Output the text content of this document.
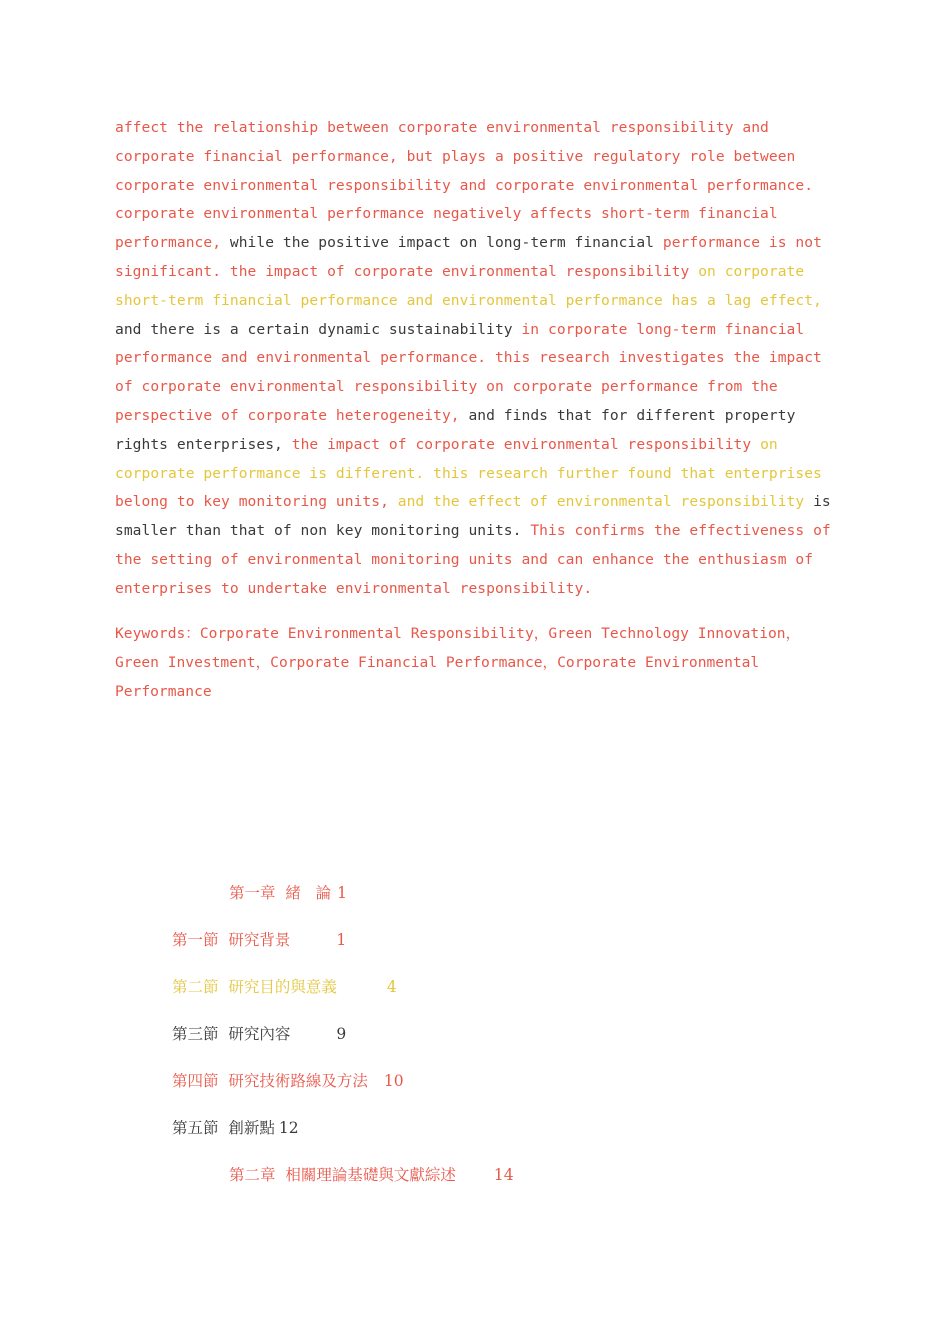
affect the relationship between corporate environmental responsibility and corporate financial performance, but plays a positive regulatory role between corporate environmental responsibility and corporate environmental performance. corporate environmental performance negatively affects short-term financial performance, while the positive impact on long-term financial performance is not significant. the impact of corporate environmental responsibility on corporate short-term financial performance and environmental performance has a lag effect, and there is a certain dynamic sustainability in corporate long-term financial performance and environmental performance. this research investigates the impact of corporate environmental responsibility on corporate performance from the perspective of corporate heterogeneity, and finds that for different property rights enterprises, the impact of corporate environmental responsibility on corporate performance is different. this research further found that enterprises belong to key monitoring units, and the effect of environmental responsibility is smaller than that of non key monitoring units. This confirms the effectiveness of the setting of environmental monitoring units and can enhance the enthusiasm of enterprises to undertake environmental responsibility.
Keywords：Corporate Environmental Responsibility，Green Technology Innovation，Green Investment，Corporate Financial Performance，Corporate Environmental Performance
第一章  緒   論 1
第一節  研究背景	1
第二節  研究目的與意義	4
第三節  研究內容	9
第四節  研究技術路線及方法 10
第五節  創新點 12
第二章  相關理論基礎與文獻綜述 14
